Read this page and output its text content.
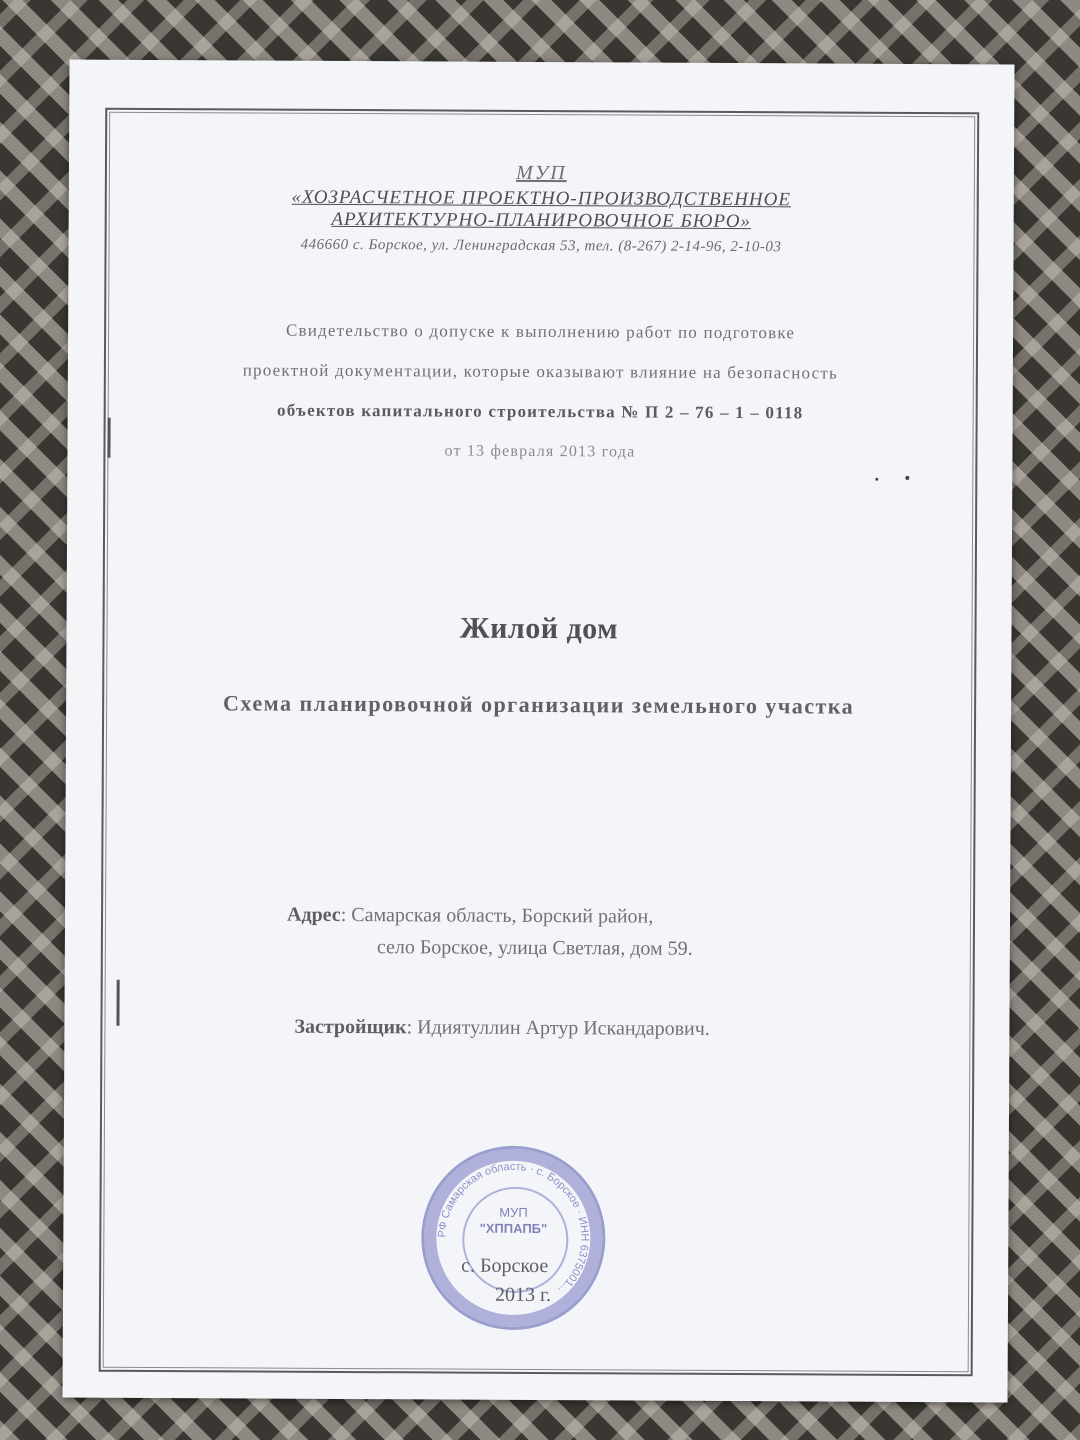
МУП
«ХОЗРАСЧЕТНОЕ ПРОЕКТНО-ПРОИЗВОДСТВЕННОЕ
АРХИТЕКТУРНО-ПЛАНИРОВОЧНОЕ БЮРО»
446660 с. Борское, ул. Ленинградская 53, тел. (8-267) 2-14-96, 2-10-03
Свидетельство о допуске к выполнению работ по подготовке
проектной документации, которые оказывают влияние на безопасность
объектов капитального строительства № П 2 – 76 – 1 – 0118
от 13 февраля 2013 года
Жилой дом
Схема планировочной организации земельного участка
Адрес: Самарская область, Борский район,
село Борское, улица Светлая, дом 59.
Застройщик: Идиятуллин Артур Искандарович.
РФ Самарская область · с. Борское · ИНН 6375001...
МУП
"ХППАПБ"
с. Борское
2013 г.
